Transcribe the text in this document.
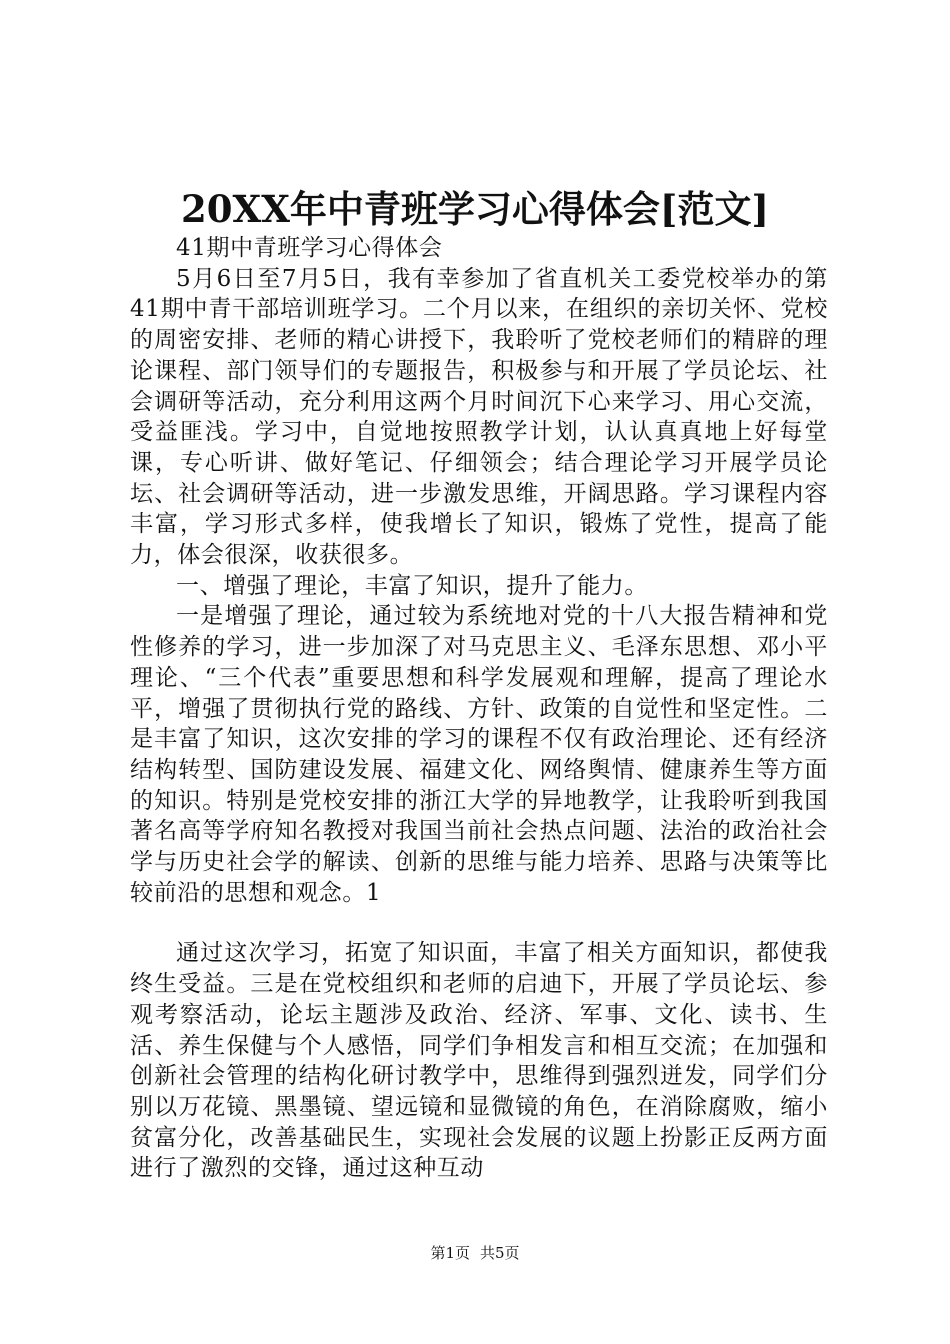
20XX年中青班学习心得体会[范文]

41期中青班学习心得体会

5月6日至7月5日，我有幸参加了省直机关工委党校举办的第41期中青干部培训班学习。二个月以来，在组织的亲切关怀、党校的周密安排、老师的精心讲授下，我聆听了党校老师们的精辟的理论课程、部门领导们的专题报告，积极参与和开展了学员论坛、社会调研等活动，充分利用这两个月时间沉下心来学习、用心交流，受益匪浅。学习中，自觉地按照教学计划，认认真真地上好每堂课，专心听讲、做好笔记、仔细领会；结合理论学习开展学员论坛、社会调研等活动，进一步激发思维，开阔思路。学习课程内容丰富，学习形式多样，使我增长了知识，锻炼了党性，提高了能力，体会很深，收获很多。

一、增强了理论，丰富了知识，提升了能力。

一是增强了理论，通过较为系统地对党的十八大报告精神和党性修养的学习，进一步加深了对马克思主义、毛泽东思想、邓小平理论、“三个代表”重要思想和科学发展观和理解，提高了理论水平，增强了贯彻执行党的路线、方针、政策的自觉性和坚定性。二是丰富了知识，这次安排的学习的课程不仅有政治理论、还有经济结构转型、国防建设发展、福建文化、网络舆情、健康养生等方面的知识。特别是党校安排的浙江大学的异地教学，让我聆听到我国著名高等学府知名教授对我国当前社会热点问题、法治的政治社会学与历史社会学的解读、创新的思维与能力培养、思路与决策等比较前沿的思想和观念。1

通过这次学习，拓宽了知识面，丰富了相关方面知识，都使我终生受益。三是在党校组织和老师的启迪下，开展了学员论坛、参观考察活动，论坛主题涉及政治、经济、军事、文化、读书、生活、养生保健与个人感悟，同学们争相发言和相互交流；在加强和创新社会管理的结构化研讨教学中，思维得到强烈迸发，同学们分别以万花镜、黑墨镜、望远镜和显微镜的角色，在消除腐败，缩小贫富分化，改善基础民生，实现社会发展的议题上扮影正反两方面进行了激烈的交锋，通过这种互动

第1页 共5页
